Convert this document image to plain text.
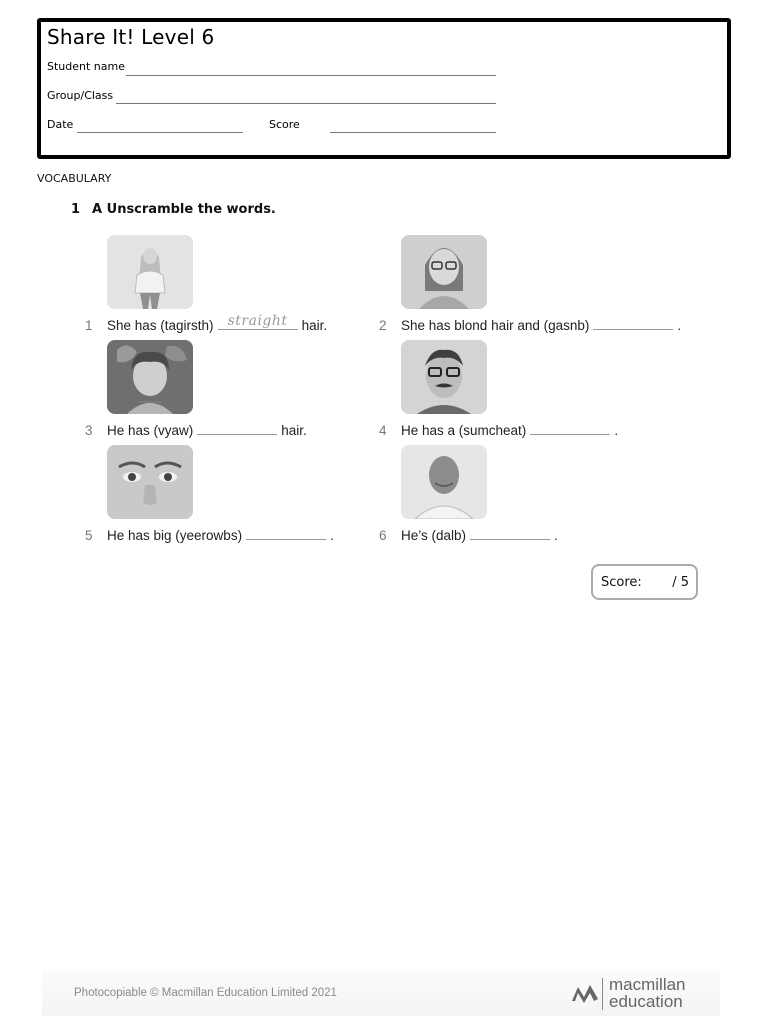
Share It! Level 6
Student name
Group/Class
Date	Score
VOCABULARY
1 A Unscramble the words.
1 She has (tagirsth)	straight	hair.	2 She has blond hair and (gasnb)	.
3 He has (vyaw)	hair.	4 He has a (sumcheat)	.
5 He has big (yeerowbs)	.	6 He’s (dalb)	.
Score: / 5
Photocopiable © Macmillan Education Limited 2021	macmillan
education
